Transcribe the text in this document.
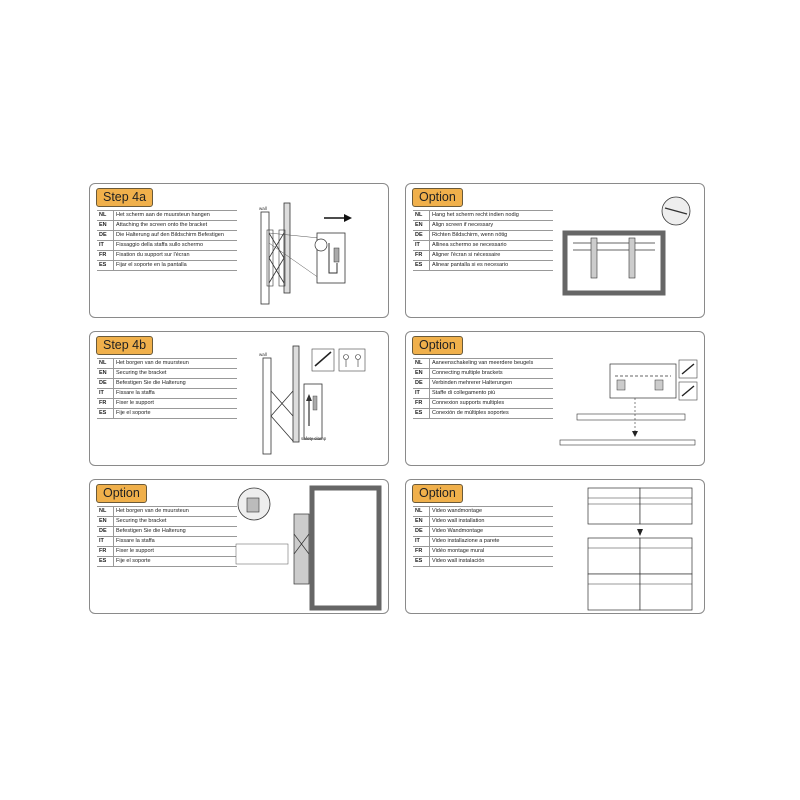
Step 4a
NL	Het scherm aan de muursteun hangen
EN	Attaching the screen onto the bracket
DE	Die Halterung auf den Bildschirm Befestigen
IT	Fissaggio della staffa sullo schermo
FR	Fixation du support sur l'écran
ES	Fijar el soporte en la pantalla
wall
Option
NL	Hang het scherm recht indien nodig
EN	Align screen if necessary
DE	Richten Bildschirm, wenn nötig
IT	Allinea schermo se necessario
FR	Aligner l'écran si nécessaire
ES	Alinear pantalla si es necesario
Step 4b
NL	Het borgen van de muursteun
EN	Securing the bracket
DE	Befestigen Sie die Halterung
IT	Fissare la staffa
FR	Fixer le support
ES	Fije el soporte
wall
safety clamp
Option
NL	Aaneenschakeling van meerdere beugels
EN	Connecting multiple brackets
DE	Verbinden mehrerer Halterungen
IT	Staffe di collegamento più
FR	Connexion supports multiples
ES	Conexión de múltiples soportes
Option
NL	Het borgen van de muursteun
EN	Securing the bracket
DE	Befestigen Sie die Halterung
IT	Fissare la staffa
FR	Fixer le support
ES	Fije el soporte
Option
NL	Video wandmontage
EN	Video wall installation
DE	Video Wandmontage
IT	Video installazione a parete
FR	Vidéo montage mural
ES	Video wall instalación
